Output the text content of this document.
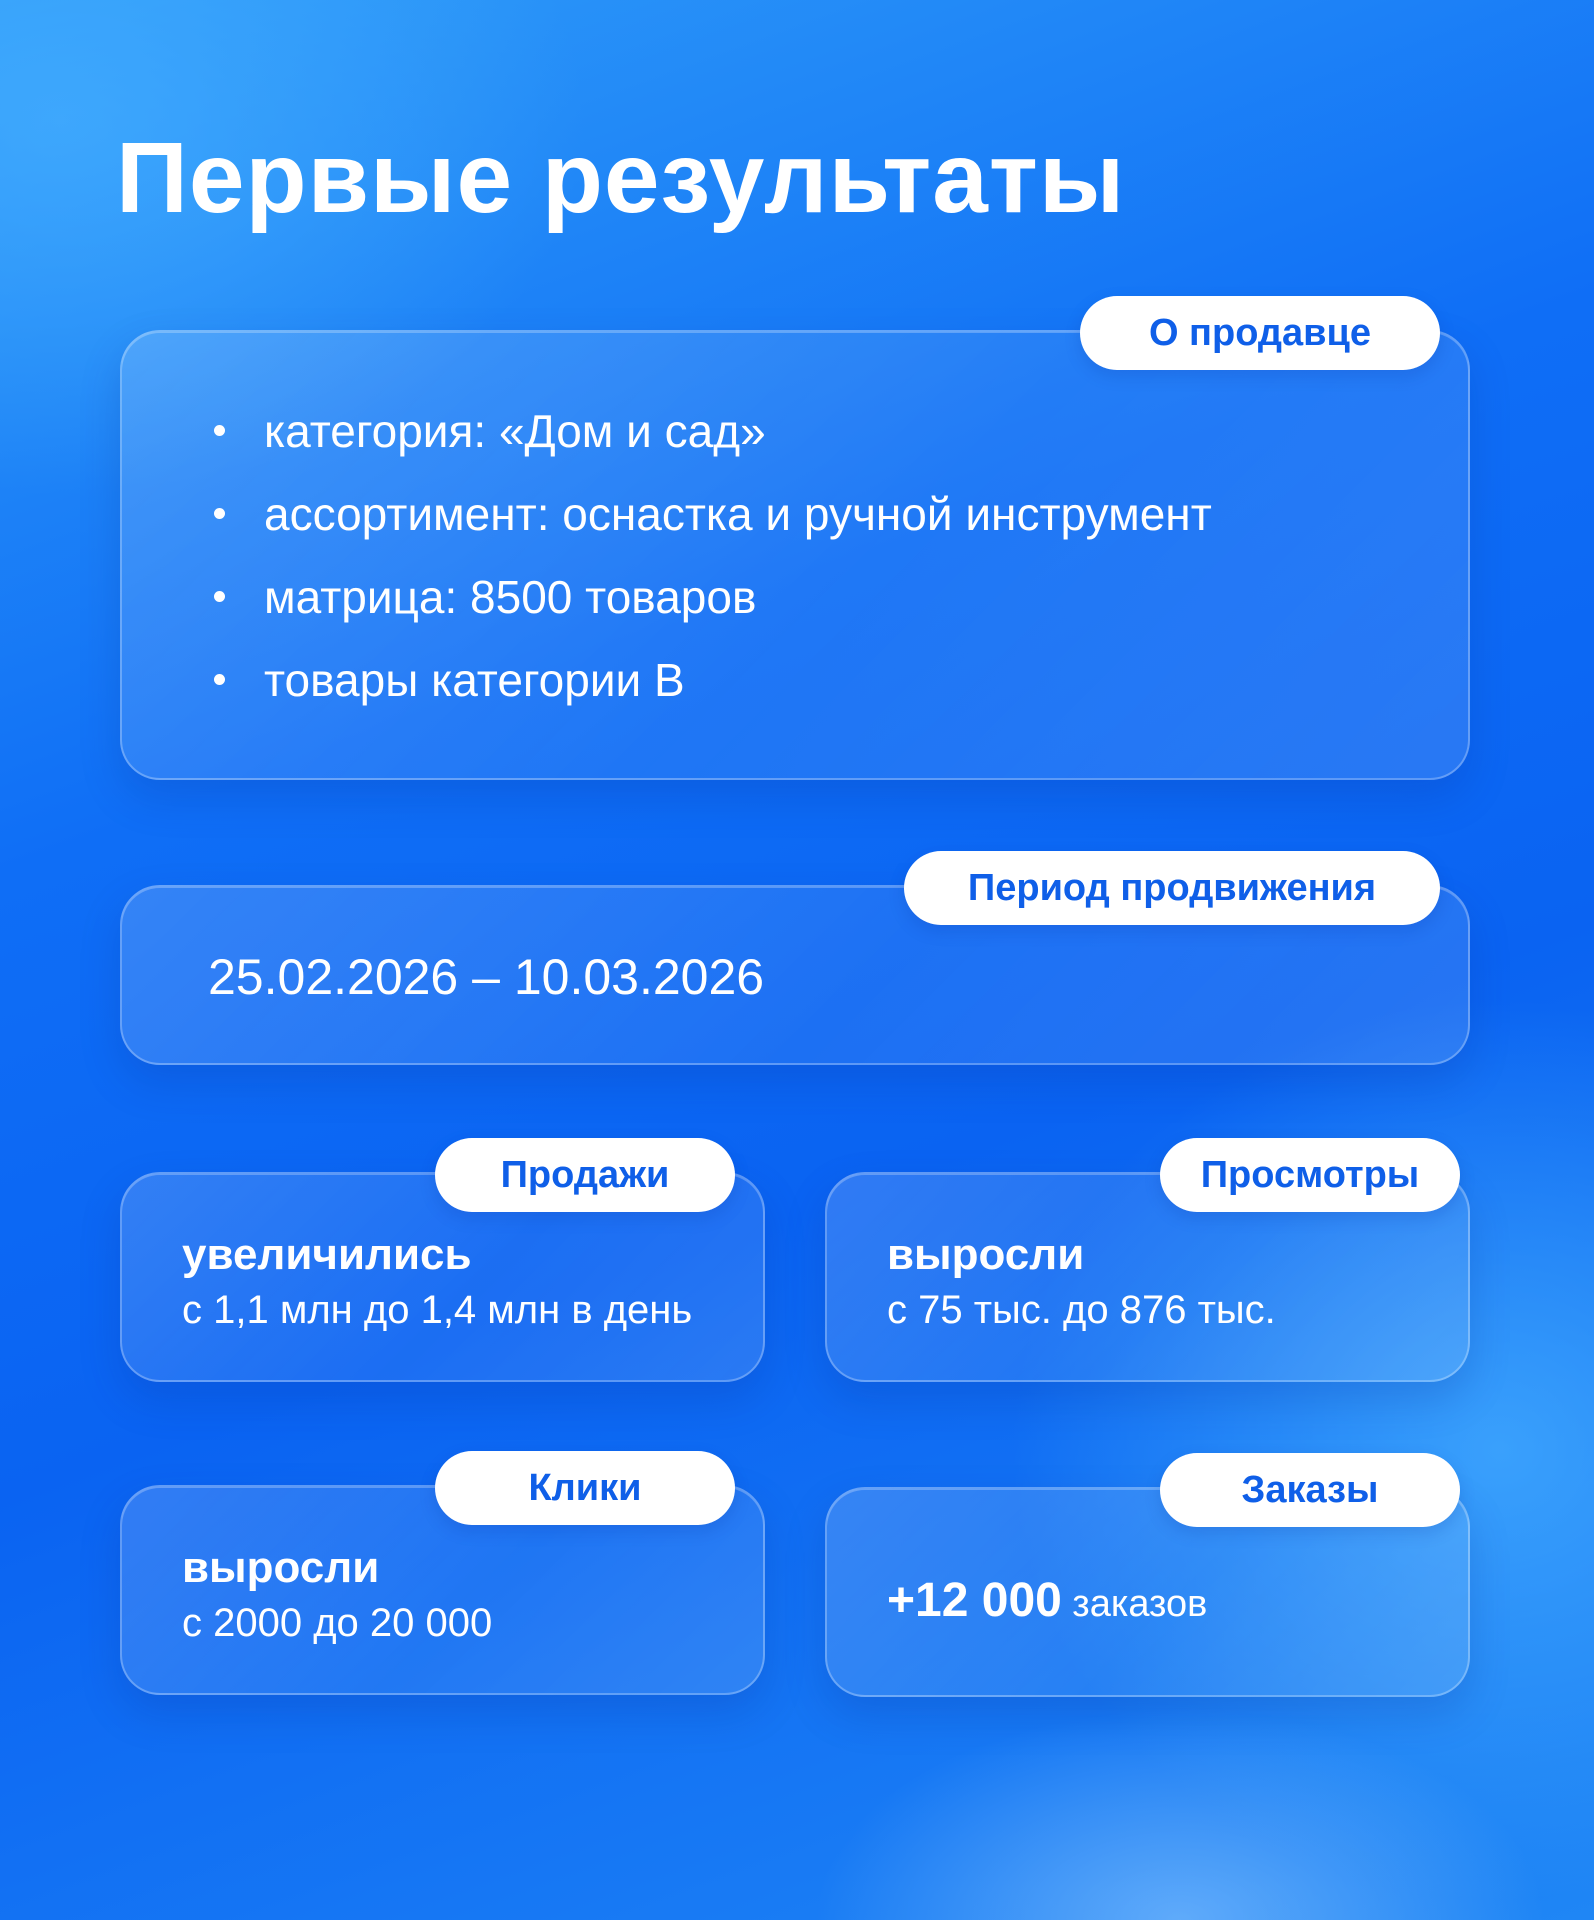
Первые результаты
О продавце
категория: «Дом и сад»
ассортимент: оснастка и ручной инструмент
матрица: 8500 товаров
товары категории B
Период продвижения
25.02.2026 – 10.03.2026
Продажи
увеличились
с 1,1 млн до 1,4 млн в день
Просмотры
выросли
с 75 тыс. до 876 тыс.
Клики
выросли
с 2000 до 20 000
Заказы
+12 000 заказов
